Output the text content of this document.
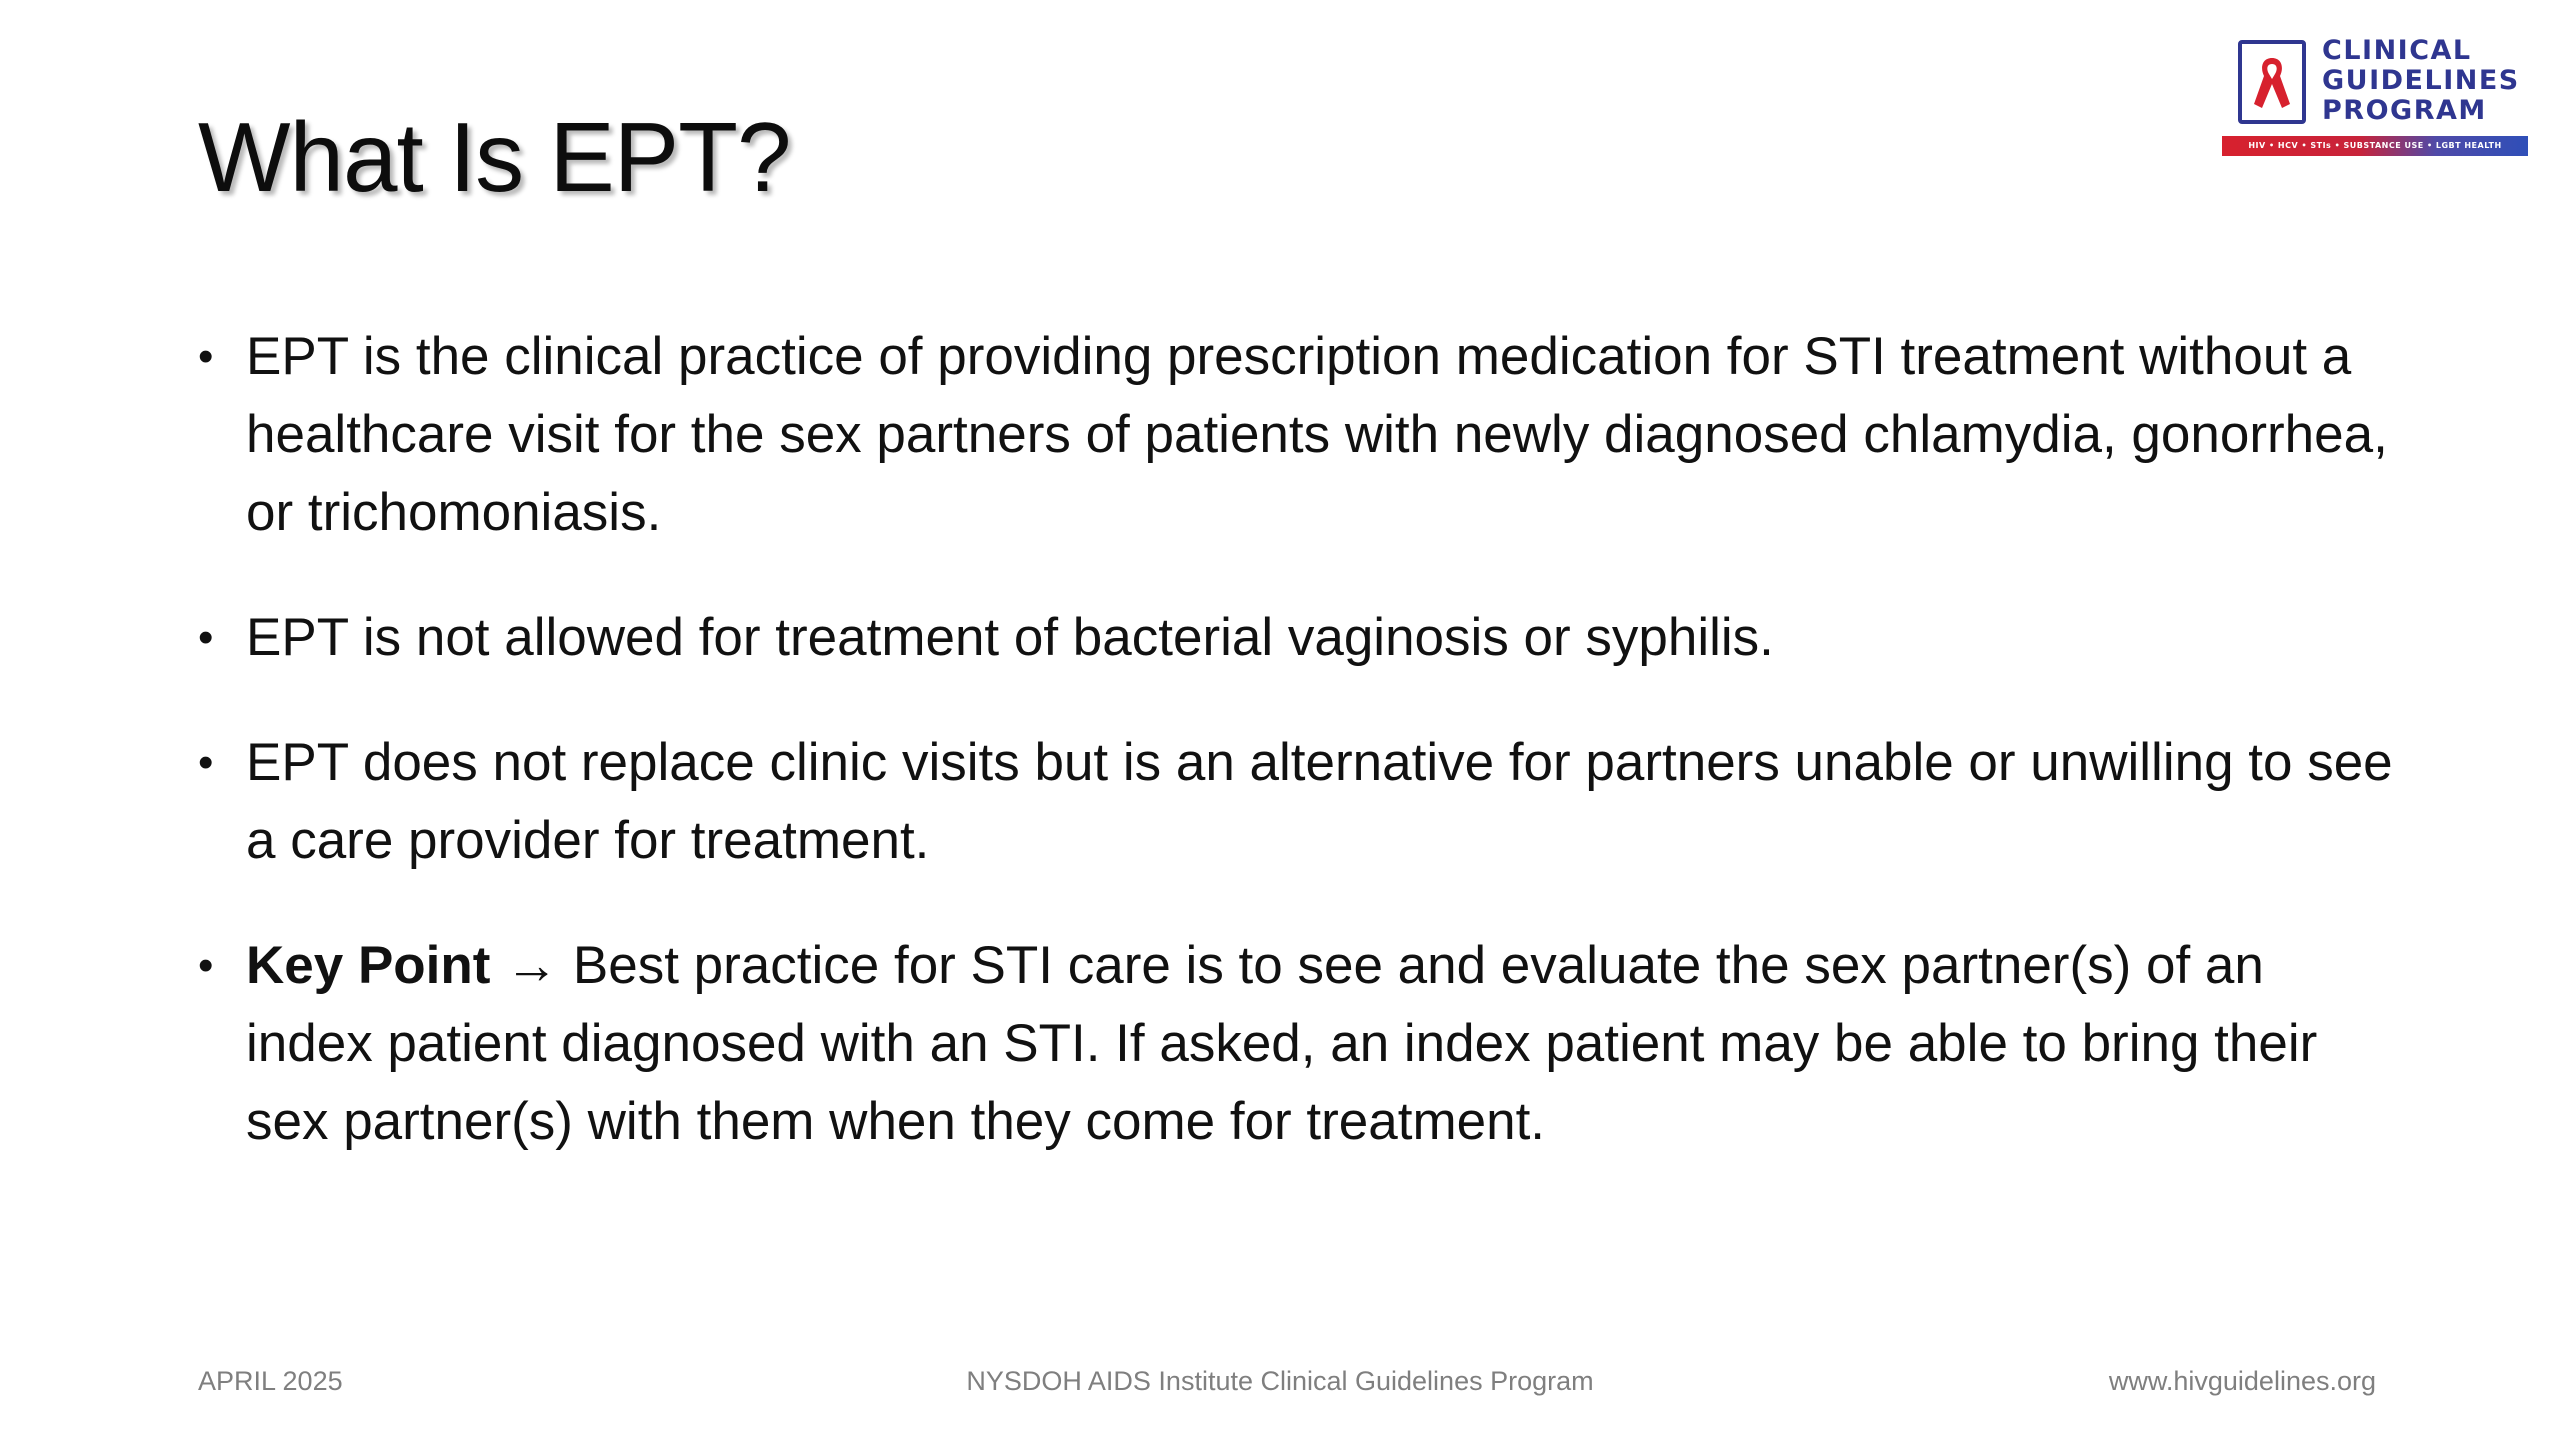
What Is EPT?
CLINICAL
GUIDELINES
PROGRAM
HIV • HCV • STIs • SUBSTANCE USE • LGBT HEALTH
• EPT is the clinical practice of providing prescription medication for STI treatment without a healthcare visit for the sex partners of patients with newly diagnosed chlamydia, gonorrhea, or trichomoniasis.
• EPT is not allowed for treatment of bacterial vaginosis or syphilis.
• EPT does not replace clinic visits but is an alternative for partners unable or unwilling to see a care provider for treatment.
• Key Point → Best practice for STI care is to see and evaluate the sex partner(s) of an index patient diagnosed with an STI. If asked, an index patient may be able to bring their sex partner(s) with them when they come for treatment.
APRIL 2025	NYSDOH AIDS Institute Clinical Guidelines Program	www.hivguidelines.org
